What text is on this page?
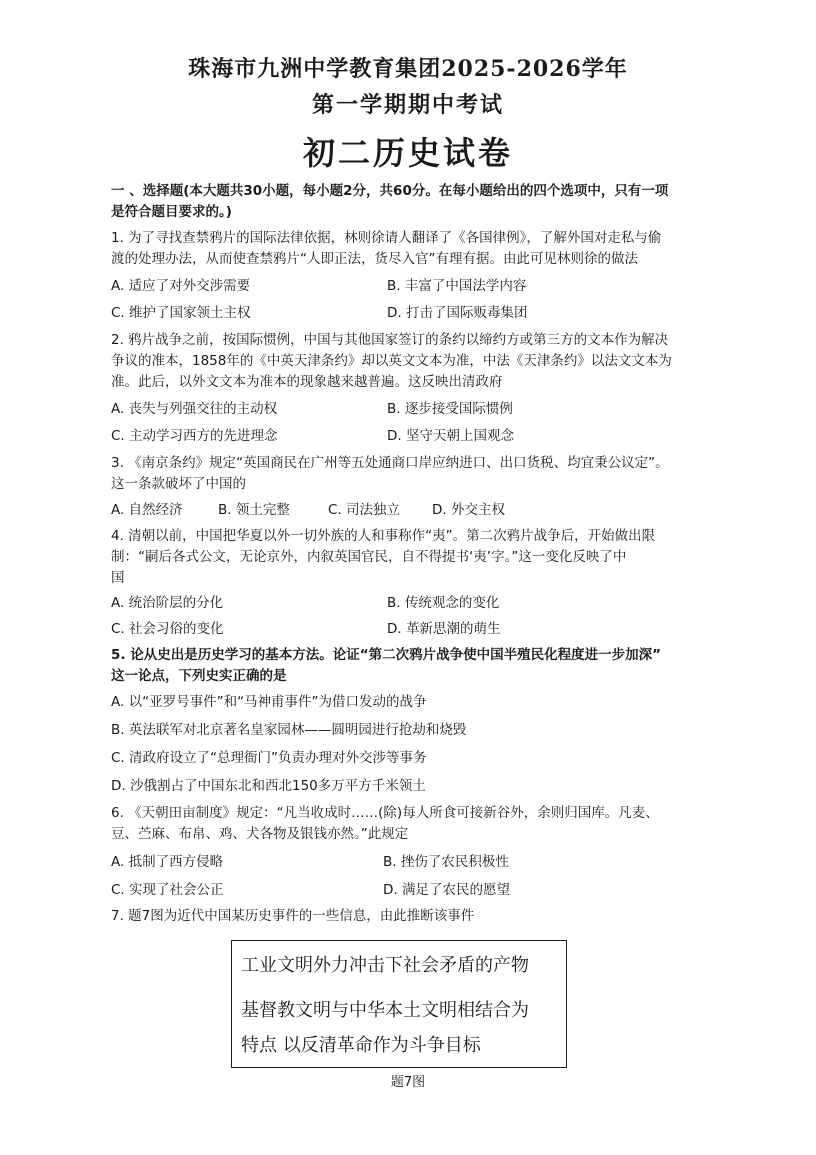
珠海市九洲中学教育集团2025-2026学年
第一学期期中考试
初二历史试卷
一 、选择题(本大题共30小题，每小题2分，共60分。在每小题给出的四个选项中，只有一项
是符合题目要求的。)
1. 为了寻找查禁鸦片的国际法律依据，林则徐请人翻译了《各国律例》，了解外国对走私与偷
渡的处理办法，从而使查禁鸦片“人即正法，货尽入官”有理有据。由此可见林则徐的做法
A. 适应了对外交涉需要	B. 丰富了中国法学内容
C. 维护了国家领土主权	D. 打击了国际贩毒集团
2. 鸦片战争之前，按国际惯例，中国与其他国家签订的条约以缔约方或第三方的文本作为解决
争议的准本，1858年的《中英天津条约》却以英文文本为准，中法《天津条约》以法文文本为
准。此后，以外文文本为准本的现象越来越普遍。这反映出清政府
A. 丧失与列强交往的主动权	B. 逐步接受国际惯例
C. 主动学习西方的先进理念	D. 坚守天朝上国观念
3. 《南京条约》规定“英国商民在广州等五处通商口岸应纳进口、出口货税、均宜秉公议定”。
这一条款破坏了中国的
A. 自然经济	B. 领土完整	C. 司法独立 D. 外交主权
4. 清朝以前，中国把华夏以外一切外族的人和事称作“夷”。第二次鸦片战争后，开始做出限
制：“嗣后各式公文，无论京外，内叙英国官民，自不得提书‘夷’字。”这一变化反映了中
国
A. 统治阶层的分化	B. 传统观念的变化
C. 社会习俗的变化	D. 革新思潮的萌生
5. 论从史出是历史学习的基本方法。论证“第二次鸦片战争使中国半殖民化程度进一步加深”
这一论点，下列史实正确的是
A. 以“亚罗号事件”和“马神甫事件”为借口发动的战争
B. 英法联军对北京著名皇家园林——圆明园进行抢劫和烧毁
C. 清政府设立了“总理衙门”负责办理对外交涉等事务
D. 沙俄割占了中国东北和西北150多万平方千米领土
6. 《天朝田亩制度》规定：“凡当收成时……(除)每人所食可接新谷外，余则归国库。凡麦、
豆、苎麻、布帛、鸡、犬各物及银钱亦然。”此规定
A. 抵制了西方侵略	B. 挫伤了农民积极性
C. 实现了社会公正	D. 满足了农民的愿望
7. 题7图为近代中国某历史事件的一些信息，由此推断该事件
工业文明外力冲击下社会矛盾的产物
基督教文明与中华本土文明相结合为
特点 以反清革命作为斗争目标
题7图
